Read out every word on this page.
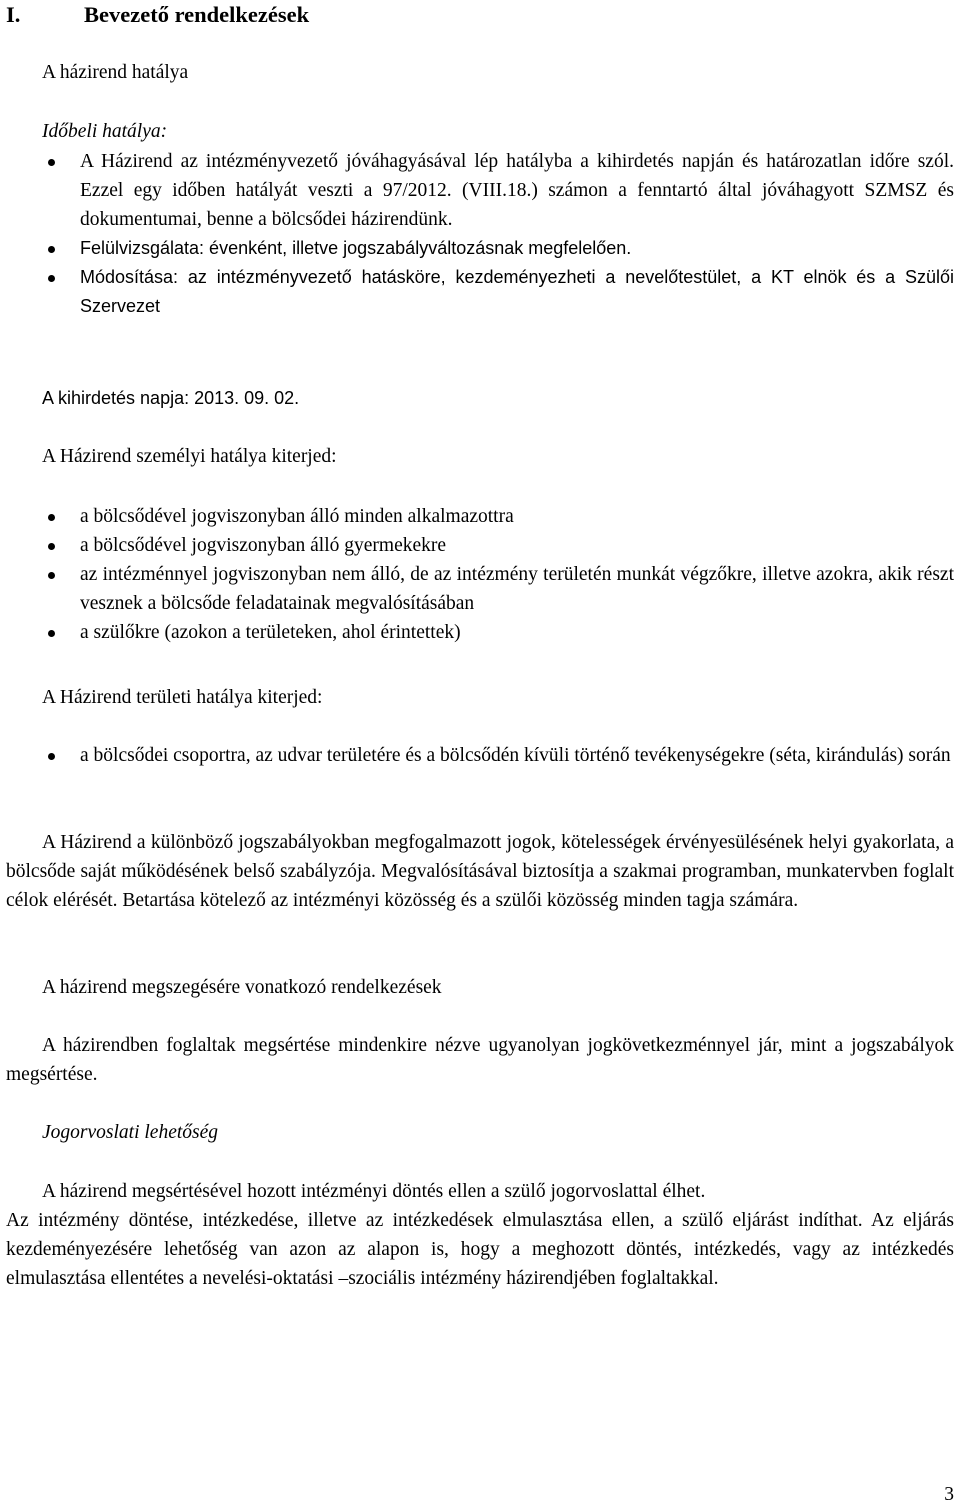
I.	Bevezető rendelkezések
A házirend hatálya
Időbeli hatálya:
A Házirend az intézményvezető jóváhagyásával lép hatályba a kihirdetés napján és határozatlan időre szól. Ezzel egy időben hatályát veszti a 97/2012. (VIII.18.) számon a fenntartó által jóváhagyott SZMSZ és dokumentumai, benne a bölcsődei házirendünk.
Felülvizsgálata: évenként, illetve jogszabályváltozásnak megfelelően.
Módosítása: az intézményvezető hatásköre, kezdeményezheti a nevelőtestület, a KT elnök és a Szülői Szervezet
A kihirdetés napja: 2013. 09. 02.
A Házirend személyi hatálya kiterjed:
a bölcsődével jogviszonyban álló minden alkalmazottra
a bölcsődével jogviszonyban álló gyermekekre
az intézménnyel jogviszonyban nem álló, de az intézmény területén munkát végzőkre, illetve azokra, akik részt vesznek a bölcsőde feladatainak megvalósításában
a szülőkre (azokon a területeken, ahol érintettek)
A Házirend területi hatálya kiterjed:
a bölcsődei csoportra, az udvar területére és a bölcsődén kívüli történő tevékenységekre (séta, kirándulás) során
A Házirend a különböző jogszabályokban megfogalmazott jogok, kötelességek érvényesülésének helyi gyakorlata, a bölcsőde saját működésének belső szabályzója. Megvalósításával biztosítja a szakmai programban, munkatervben foglalt célok elérését. Betartása kötelező az intézményi közösség és a szülői közösség minden tagja számára.
A házirend megszegésére vonatkozó rendelkezések
A házirendben foglaltak megsértése mindenkire nézve ugyanolyan jogkövetkezménnyel jár, mint a jogszabályok megsértése.
Jogorvoslati lehetőség
A házirend megsértésével hozott intézményi döntés ellen a szülő jogorvoslattal élhet.
Az intézmény döntése, intézkedése, illetve az intézkedések elmulasztása ellen, a szülő eljárást indíthat. Az eljárás kezdeményezésére lehetőség van azon az alapon is, hogy a meghozott döntés, intézkedés, vagy az intézkedés elmulasztása ellentétes a nevelési-oktatási –szociális intézmény házirendjében foglaltakkal.
3
